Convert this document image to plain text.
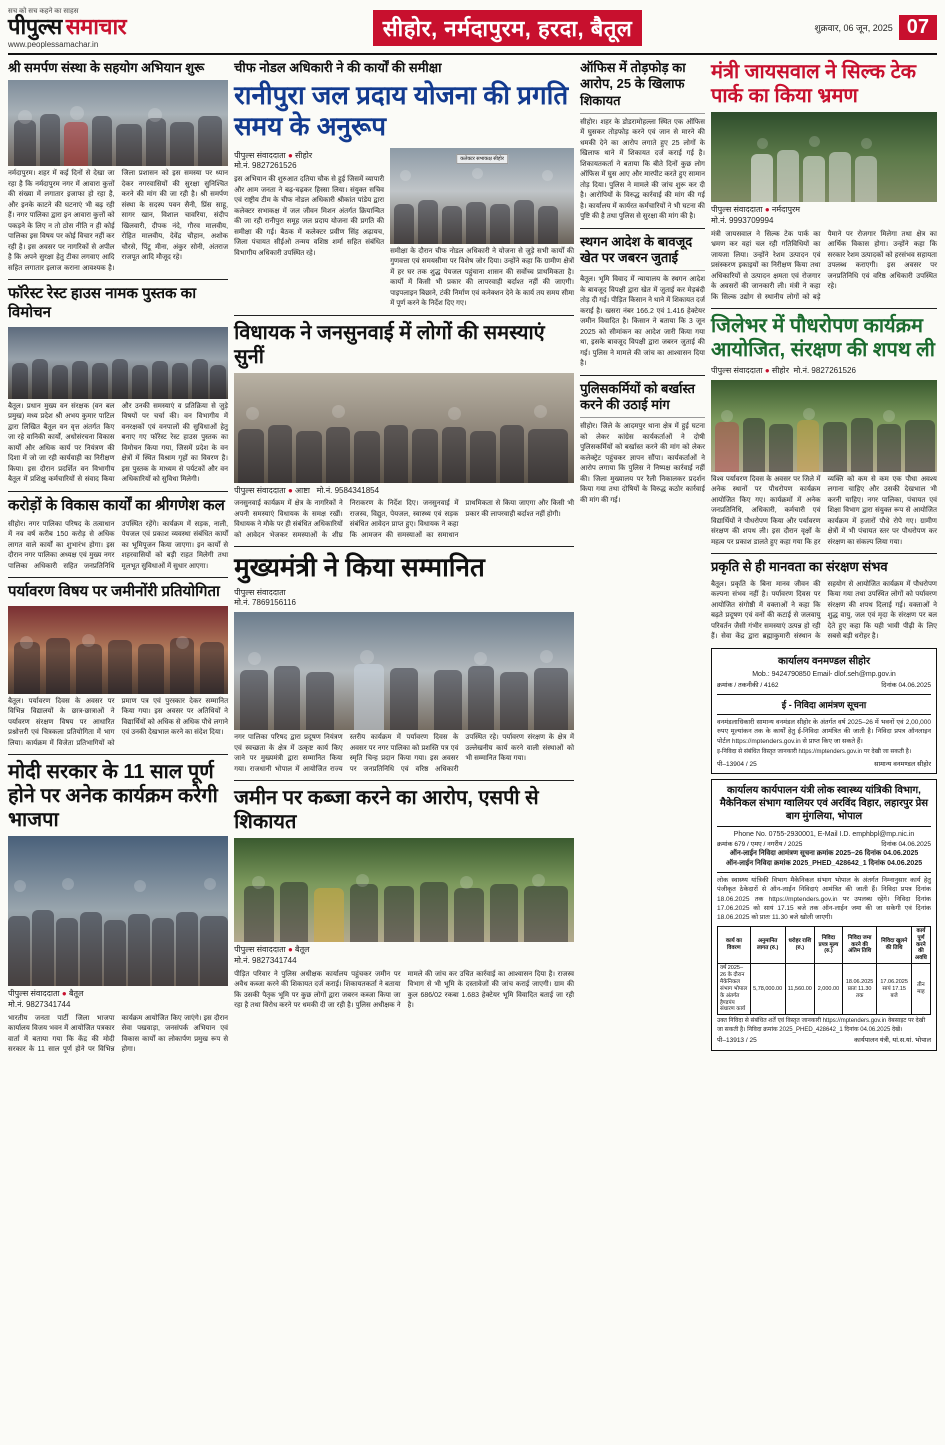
सच को सच कहने का साहस
पीपुल्स समाचार
www.peoplessamachar.in
सीहोर, नर्मदापुरम, हरदा, बैतूल	शुक्रवार, 06 जून, 2025 07
श्री समर्पण संस्था के सहयोग अभियान शुरू
नर्मदापुरम। शहर में कई दिनों से देखा जा रहा है कि नर्मदापुरम नगर में आवारा कुत्तों की संख्या में लगातार इजाफा हो रहा है, और इनके काटने की घटनाएं भी बढ़ रही हैं। नगर पालिका द्वारा इन आवारा कुत्तों को पकड़ने के लिए न तो ठोस नीति न ही कोई पालिका इस विषय पर कोई विचार नहीं कर रही है। इस अवसर पर नागरिकों से अपील है कि अपने सुरक्षा हेतु टीका लगवाए आदि सहित लगातार इलाज कराना आवश्यक है। जिला प्रशासन को इस समस्या पर ध्यान देकर नगरवासियों की सुरक्षा सुनिश्चित करने की मांग की जा रही है। श्री समर्पण संस्था के सदस्य पवन सैनी, प्रिंस साहू, सागर खान, विशाल चावरिया, संदीप खिलवारी, दीपक नंदे, गौरव मालवीय, रोहित मालवीय, देवेंद्र चौहान, अशोक चौरसे, पिंटू मीना, अंकुर सोनी, अंतराज राजपूत आदि मौजूद रहे।
फॉरेस्ट रेस्ट हाउस नामक पुस्तक का विमोचन
बैतूल। प्रधान मुख्य वन संरक्षक (वन बल प्रमुख) मध्य प्रदेश श्री अभय कुमार पाटिल द्वारा लिखित बैतूल वन वृत्त अंतर्गत किए जा रहे वानिकी कार्यों, अधोसंरचना विकास कार्यों और अधिक कार्य पर नियंत्रण की दिशा में जो जा रही कार्यवाही का निरीक्षण किया। इस दौरान प्रदर्शित वन विभागीय बैतूल में प्रशिक्षु कर्मचारियों से संवाद किया और उनकी समस्याएं व प्रतिक्रिया से जुड़े विषयों पर चर्चा की। वन विभागीय में वनरक्षकों एवं वनपालों की सुविधाओं हेतु बनाए गए फॉरेस्ट रेस्ट हाउस पुस्तक का विमोचन किया गया, जिसमें प्रदेश के वन क्षेत्रों में स्थित विश्राम गृहों का विवरण है। इस पुस्तक के माध्यम से पर्यटकों और वन अधिकारियों को सुविधा मिलेगी।
करोड़ों के विकास कार्यों का श्रीगणेश कल
सीहोर। नगर पालिका परिषद के तत्वाधान में नव वर्ष करीब 150 करोड़ से अधिक लागत वाले कार्यों का शुभारंभ होगा। इस दौरान नगर पालिका अध्यक्ष एवं मुख्य नगर पालिका अधिकारी सहित जनप्रतिनिधि उपस्थित रहेंगे। कार्यक्रम में सड़क, नाली, पेयजल एवं प्रकाश व्यवस्था संबंधित कार्यों का भूमिपूजन किया जाएगा। इन कार्यों से शहरवासियों को बड़ी राहत मिलेगी तथा मूलभूत सुविधाओं में सुधार आएगा।
पर्यावरण विषय पर जमीनोंरी प्रतियोगिता
बैतूल। पर्यावरण दिवस के अवसर पर विभिन्न विद्यालयों के छात्र-छात्राओं ने पर्यावरण संरक्षण विषय पर आधारित प्रश्नोत्तरी एवं चित्रकला प्रतियोगिता में भाग लिया। कार्यक्रम में विजेता प्रतिभागियों को प्रमाण पत्र एवं पुरस्कार देकर सम्मानित किया गया। इस अवसर पर अतिथियों ने विद्यार्थियों को अधिक से अधिक पौधे लगाने एवं उनकी देखभाल करने का संदेश दिया।
मोदी सरकार के 11 साल पूर्ण होने पर अनेक कार्यक्रम करेगी भाजपा
पीपुल्स संवाददाता ● बैतूल
मो.नं. 9827341744
भारतीय जनता पार्टी जिला भाजपा कार्यालय विजय भवन में आयोजित पत्रकार वार्ता में बताया गया कि केंद्र की मोदी सरकार के 11 साल पूर्ण होने पर विभिन्न कार्यक्रम आयोजित किए जाएंगे। इस दौरान सेवा पखवाड़ा, जनसंपर्क अभियान एवं विकास कार्यों का लोकार्पण प्रमुख रूप से होगा।
चीफ नोडल अधिकारी ने की कार्यों की समीक्षा
रानीपुरा जल प्रदाय योजना की प्रगति समय के अनुरूप
पीपुल्स संवाददाता ● सीहोर
मो.नं. 9827261526
इस अभियान की शुरुआत दतिया चौक से हुई जिसमें व्यापारी और आम जनता ने बढ़-चढ़कर हिस्सा लिया। संयुक्त सचिव एवं राष्ट्रीय टीम के चीफ नोडल अधिकारी श्रीकांत पांडेय द्वारा कलेक्टर सभाकक्ष में जल जीवन मिशन अंतर्गत क्रियान्वित की जा रही रानीपुरा समूह जल प्रदाय योजना की प्रगति की समीक्षा की गई। बैठक में कलेक्टर प्रवीण सिंह अढ़ायच, जिला पंचायत सीईओ तन्मय वशिष्ठ शर्मा सहित संबंधित विभागीय अधिकारी उपस्थित रहे।
कलेक्टर सभाकक्ष सीहोर
समीक्षा के दौरान चीफ नोडल अधिकारी ने योजना से जुड़े सभी कार्यों की गुणवत्ता एवं समयसीमा पर विशेष जोर दिया। उन्होंने कहा कि ग्रामीण क्षेत्रों में हर घर तक शुद्ध पेयजल पहुंचाना शासन की सर्वोच्च प्राथमिकता है। कार्यों में किसी भी प्रकार की लापरवाही बर्दाश्त नहीं की जाएगी। पाइपलाइन बिछाने, टंकी निर्माण एवं कनेक्शन देने के कार्य तय समय सीमा में पूर्ण करने के निर्देश दिए गए।
विधायक ने जनसुनवाई में लोगों की समस्याएं सुनीं
पीपुल्स संवाददाता ● आष्टा मो.नं. 9584341854
जनसुनवाई कार्यक्रम में क्षेत्र के नागरिकों ने अपनी समस्याएं विधायक के समक्ष रखीं। विधायक ने मौके पर ही संबंधित अधिकारियों को आवेदन भेजकर समस्याओं के शीघ्र निराकरण के निर्देश दिए। जनसुनवाई में राजस्व, विद्युत, पेयजल, स्वास्थ्य एवं सड़क संबंधित आवेदन प्राप्त हुए। विधायक ने कहा कि आमजन की समस्याओं का समाधान प्राथमिकता से किया जाएगा और किसी भी प्रकार की लापरवाही बर्दाश्त नहीं होगी।
मुख्यमंत्री ने किया सम्मानित
पीपुल्स संवाददाता
मो.नं. 7869156116
नगर पालिका परिषद द्वारा प्रदूषण नियंत्रण एवं स्वच्छता के क्षेत्र में उत्कृष्ट कार्य किए जाने पर मुख्यमंत्री द्वारा सम्मानित किया गया। राजधानी भोपाल में आयोजित राज्य स्तरीय कार्यक्रम में पर्यावरण दिवस के अवसर पर नगर पालिका को प्रशस्ति पत्र एवं स्मृति चिन्ह प्रदान किया गया। इस अवसर पर जनप्रतिनिधि एवं वरिष्ठ अधिकारी उपस्थित रहे। पर्यावरण संरक्षण के क्षेत्र में उल्लेखनीय कार्य करने वाली संस्थाओं को भी सम्मानित किया गया।
जमीन पर कब्जा करने का आरोप, एसपी से शिकायत
पीपुल्स संवाददाता ● बैतूल
मो.नं. 9827341744
पीड़ित परिवार ने पुलिस अधीक्षक कार्यालय पहुंचकर जमीन पर अवैध कब्जा करने की शिकायत दर्ज कराई। शिकायतकर्ता ने बताया कि उसकी पैतृक भूमि पर कुछ लोगों द्वारा जबरन कब्जा किया जा रहा है तथा विरोध करने पर धमकी दी जा रही है। पुलिस अधीक्षक ने मामले की जांच कर उचित कार्रवाई का आश्वासन दिया है। राजस्व विभाग से भी भूमि के दस्तावेजों की जांच कराई जाएगी। ग्राम की कुल 686/02 रकबा 1.683 हेक्टेयर भूमि विवादित बताई जा रही है।
ऑफिस में तोड़फोड़ का आरोप, 25 के खिलाफ शिकायत
सीहोर। शहर के डोडरामोहल्ला स्थित एक ऑफिस में घुसकर तोड़फोड़ करने एवं जान से मारने की धमकी देने का आरोप लगाते हुए 25 लोगों के खिलाफ थाने में शिकायत दर्ज कराई गई है। शिकायतकर्ता ने बताया कि बीते दिनों कुछ लोग ऑफिस में घुस आए और मारपीट करते हुए सामान तोड़ दिया। पुलिस ने मामले की जांच शुरू कर दी है। आरोपियों के विरुद्ध कार्रवाई की मांग की गई है। कार्यालय में कार्यरत कर्मचारियों ने भी घटना की पुष्टि की है तथा पुलिस से सुरक्षा की मांग की है।
स्थगन आदेश के बावजूद खेत पर जबरन जुताई
बैतूल। भूमि विवाद में न्यायालय के स्थगन आदेश के बावजूद विपक्षी द्वारा खेत में जुताई कर मेड़बंदी तोड़ दी गई। पीड़ित किसान ने थाने में शिकायत दर्ज कराई है। खसरा नंबर 166.2 एवं 1.416 हेक्टेयर जमीन विवादित है। किसान ने बताया कि 3 जून 2025 को सीमांकन का आदेश जारी किया गया था, इसके बावजूद विपक्षी द्वारा जबरन जुताई की गई। पुलिस ने मामले की जांच का आश्वासन दिया है।
पुलिसकर्मियों को बर्खास्त करने की उठाई मांग
सीहोर। जिले के आदमपुर थाना क्षेत्र में हुई घटना को लेकर कांग्रेस कार्यकर्ताओं ने दोषी पुलिसकर्मियों को बर्खास्त करने की मांग को लेकर कलेक्ट्रेट पहुंचकर ज्ञापन सौंपा। कार्यकर्ताओं ने आरोप लगाया कि पुलिस ने निष्पक्ष कार्रवाई नहीं की। जिला मुख्यालय पर रैली निकालकर प्रदर्शन किया गया तथा दोषियों के विरुद्ध कठोर कार्रवाई की मांग की गई।
मंत्री जायसवाल ने सिल्क टेक पार्क का किया भ्रमण
पीपुल्स संवाददाता ● नर्मदापुरम
मो.नं. 9993709994
मंत्री जायसवाल ने सिल्क टेक पार्क का भ्रमण कर वहां चल रही गतिविधियों का जायजा लिया। उन्होंने रेशम उत्पादन एवं प्रसंस्करण इकाइयों का निरीक्षण किया तथा अधिकारियों से उत्पादन क्षमता एवं रोजगार के अवसरों की जानकारी ली। मंत्री ने कहा कि सिल्क उद्योग से स्थानीय लोगों को बड़े पैमाने पर रोजगार मिलेगा तथा क्षेत्र का आर्थिक विकास होगा। उन्होंने कहा कि सरकार रेशम उत्पादकों को हरसंभव सहायता उपलब्ध कराएगी। इस अवसर पर जनप्रतिनिधि एवं वरिष्ठ अधिकारी उपस्थित रहे।
जिलेभर में पौधरोपण कार्यक्रम आयोजित, संरक्षण की शपथ ली
पीपुल्स संवाददाता ● सीहोर मो.नं. 9827261526
विश्व पर्यावरण दिवस के अवसर पर जिले में अनेक स्थानों पर पौधरोपण कार्यक्रम आयोजित किए गए। कार्यक्रमों में अनेक जनप्रतिनिधि, अधिकारी, कर्मचारी एवं विद्यार्थियों ने पौधरोपण किया और पर्यावरण संरक्षण की शपथ ली। इस दौरान वृक्षों के महत्व पर प्रकाश डालते हुए कहा गया कि हर व्यक्ति को कम से कम एक पौधा अवश्य लगाना चाहिए और उसकी देखभाल भी करनी चाहिए। नगर पालिका, पंचायत एवं शिक्षा विभाग द्वारा संयुक्त रूप से आयोजित कार्यक्रम में हजारों पौधे रोपे गए। ग्रामीण क्षेत्रों में भी पंचायत स्तर पर पौधरोपण कर संरक्षण का संकल्प लिया गया।
प्रकृति से ही मानवता का संरक्षण संभव
बैतूल। प्रकृति के बिना मानव जीवन की कल्पना संभव नहीं है। पर्यावरण दिवस पर आयोजित संगोष्ठी में वक्ताओं ने कहा कि बढ़ते प्रदूषण एवं वनों की कटाई से जलवायु परिवर्तन जैसी गंभीर समस्याएं उत्पन्न हो रही हैं। सेवा केंद्र द्वारा ब्रह्माकुमारी संस्थान के सहयोग से आयोजित कार्यक्रम में पौधरोपण किया गया तथा उपस्थित लोगों को पर्यावरण संरक्षण की शपथ दिलाई गई। वक्ताओं ने शुद्ध वायु, जल एवं मृदा के संरक्षण पर बल देते हुए कहा कि यही भावी पीढ़ी के लिए सबसे बड़ी धरोहर है।
कार्यालय वनमण्डल सीहोर
Mob.: 9424790850 Email- dlof.seh@mp.gov.in
क्रमांक / तकनीकी / 4162	दिनांक 04.06.2025
ई - निविदा आमंत्रण सूचना
वनमंडलाधिकारी सामान्य वनमंडल सीहोर के अंतर्गत वर्ष 2025–26 में भवनों एवं 2,00,000 रुपए मूल्यांकन तक के कार्यों हेतु ई-निविदा आमंत्रित की जाती है। निविदा प्रपत्र ऑनलाइन पोर्टल https://mptenders.gov.in से प्राप्त किए जा सकते हैं।
इ-निविदा से संबंधित विस्तृत जानकारी https://mptenders.gov.in पर देखी जा सकती है।
पी–13904 / 25	सामान्य वनमण्डल सीहोर
कार्यालय कार्यपालन यंत्री लोक स्वास्थ्य यांत्रिकी विभाग,
मैकेनिकल संभाग ग्वालियर एवं अरविंद विहार, लहारपुर प्रेस बाग मुंगलिया, भोपाल
Phone No. 0755-2930001, E-Mail I.D. emphbpl@mp.nic.in
क्रमांक 679 / एमए / नगरीय / 2025	दिनांक 04.06.2025
ऑन-लाईन निविदा आमंत्रण सूचना क्रमांक 2025–26 दिनांक 04.06.2025
ऑन-लाईन निविदा क्रमांक 2025_PHED_428642_1 दिनांक 04.06.2025
लोक स्वास्थ्य यांत्रिकी विभाग मैकेनिकल संभाग भोपाल के अंतर्गत निम्नानुसार कार्य हेतु पंजीकृत ठेकेदारों से ऑन-लाईन निविदाएं आमंत्रित की जाती हैं। निविदा प्रपत्र दिनांक 18.06.2025 तक https://mptenders.gov.in पर उपलब्ध रहेंगे। निविदा दिनांक 17.06.2025 को सायं 17.15 बजे तक ऑन-लाईन जमा की जा सकेगी एवं दिनांक 18.06.2025 को प्रातः 11.30 बजे खोली जाएगी।
कार्य का विवरण	अनुमानित लागत (रु.)	धरोहर राशि (रु.)	निविदा प्रपत्र मूल्य (रु.)	निविदा जमा करने की अंतिम तिथि	निविदा खुलने की तिथि	कार्य पूर्ण करने की अवधि
वर्ष 2025–26 के दौरान मैकेनिकल संभाग भोपाल के अंतर्गत हैण्डपंप संधारण कार्य	5,78,000.00	11,560.00	2,000.00	18.06.2025 प्रातः 11.30 तक	17.06.2025 सायं 17.15 बजे	तीन माह
उक्त निविदा से संबंधित शर्तें एवं विस्तृत जानकारी https://mptenders.gov.in वेबसाइट पर देखी जा सकती है। निविदा क्रमांक 2025_PHED_428642_1 दिनांक 04.06.2025 देखें।
पी–13913 / 25	कार्यपालन यंत्री, यां.स.यां. भोपाल
